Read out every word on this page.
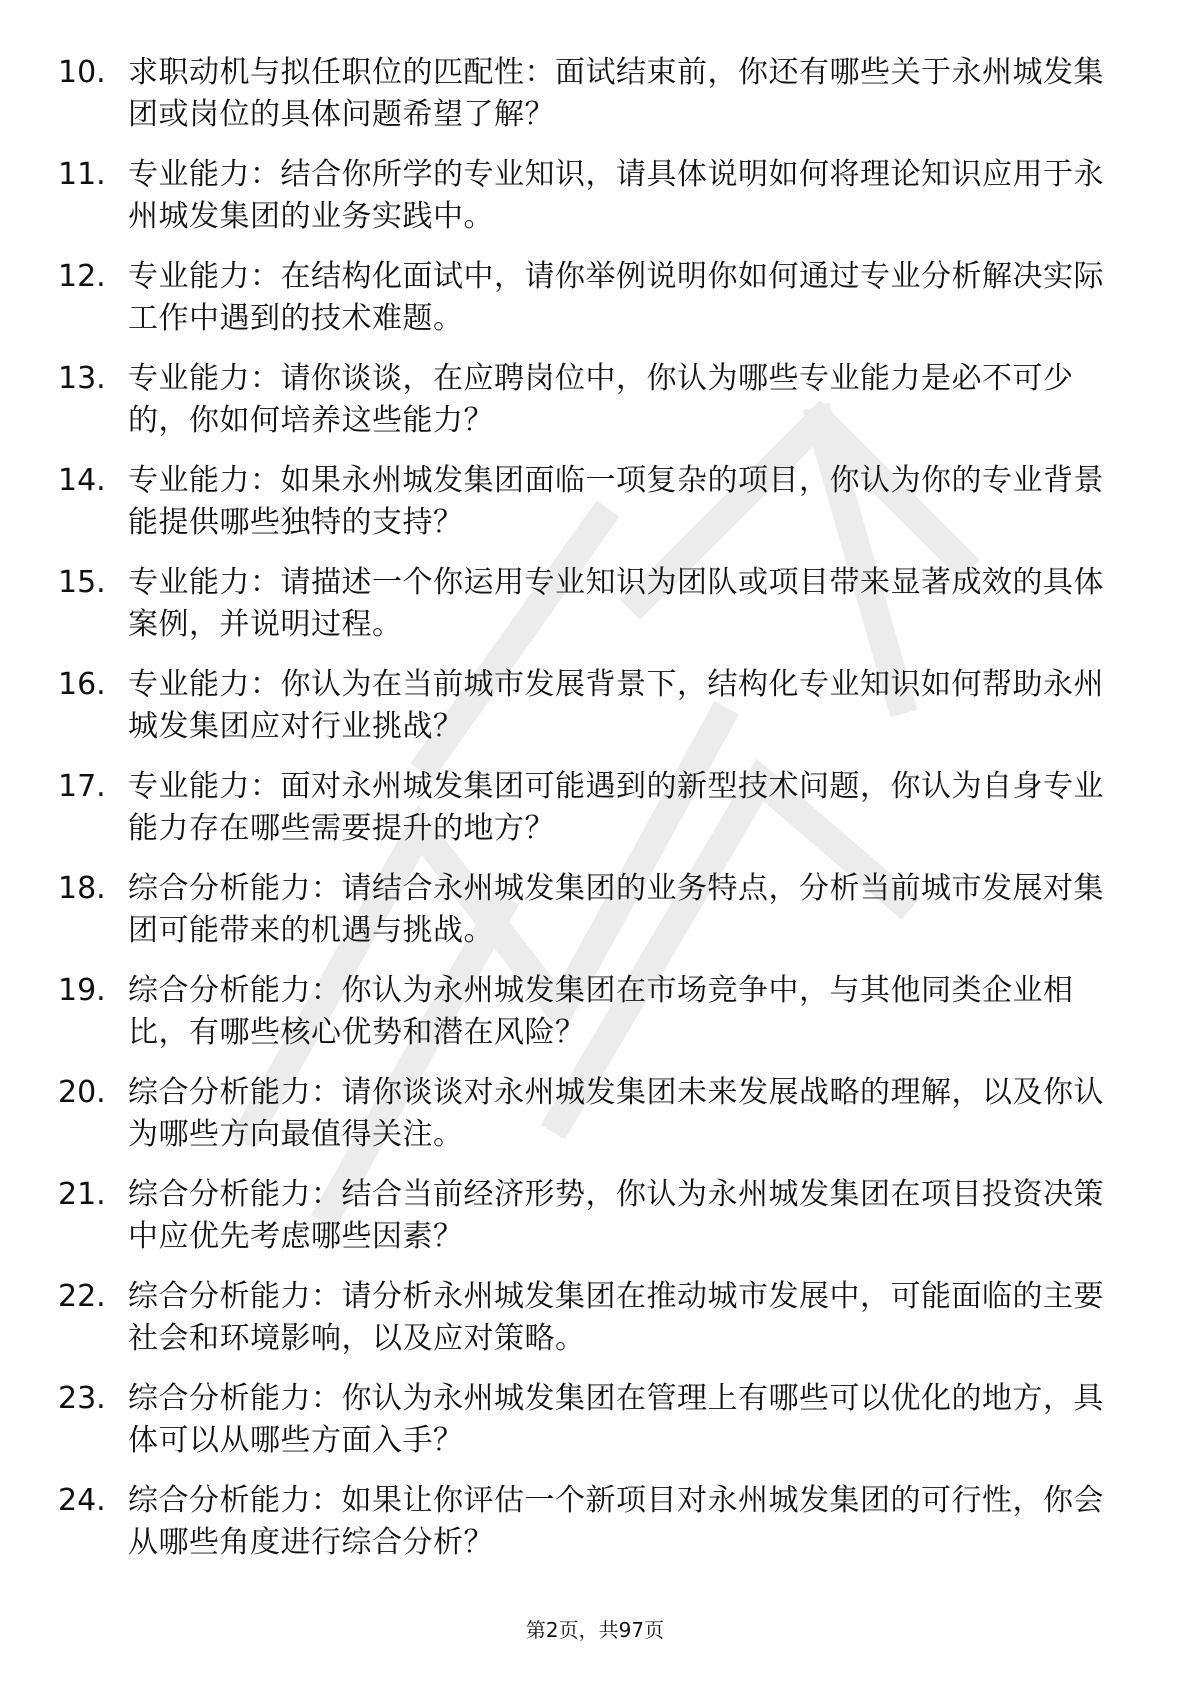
10. 求职动机与拟任职位的匹配性：面试结束前，你还有哪些关于永州城发集团或岗位的具体问题希望了解？
11. 专业能力：结合你所学的专业知识，请具体说明如何将理论知识应用于永州城发集团的业务实践中。
12. 专业能力：在结构化面试中，请你举例说明你如何通过专业分析解决实际工作中遇到的技术难题。
13. 专业能力：请你谈谈，在应聘岗位中，你认为哪些专业能力是必不可少的，你如何培养这些能力？
14. 专业能力：如果永州城发集团面临一项复杂的项目，你认为你的专业背景能提供哪些独特的支持？
15. 专业能力：请描述一个你运用专业知识为团队或项目带来显著成效的具体案例，并说明过程。
16. 专业能力：你认为在当前城市发展背景下，结构化专业知识如何帮助永州城发集团应对行业挑战？
17. 专业能力：面对永州城发集团可能遇到的新型技术问题，你认为自身专业能力存在哪些需要提升的地方？
18. 综合分析能力：请结合永州城发集团的业务特点，分析当前城市发展对集团可能带来的机遇与挑战。
19. 综合分析能力：你认为永州城发集团在市场竞争中，与其他同类企业相比，有哪些核心优势和潜在风险？
20. 综合分析能力：请你谈谈对永州城发集团未来发展战略的理解，以及你认为哪些方向最值得关注。
21. 综合分析能力：结合当前经济形势，你认为永州城发集团在项目投资决策中应优先考虑哪些因素？
22. 综合分析能力：请分析永州城发集团在推动城市发展中，可能面临的主要社会和环境影响，以及应对策略。
23. 综合分析能力：你认为永州城发集团在管理上有哪些可以优化的地方，具体可以从哪些方面入手？
24. 综合分析能力：如果让你评估一个新项目对永州城发集团的可行性，你会从哪些角度进行综合分析？
第2页，共97页
